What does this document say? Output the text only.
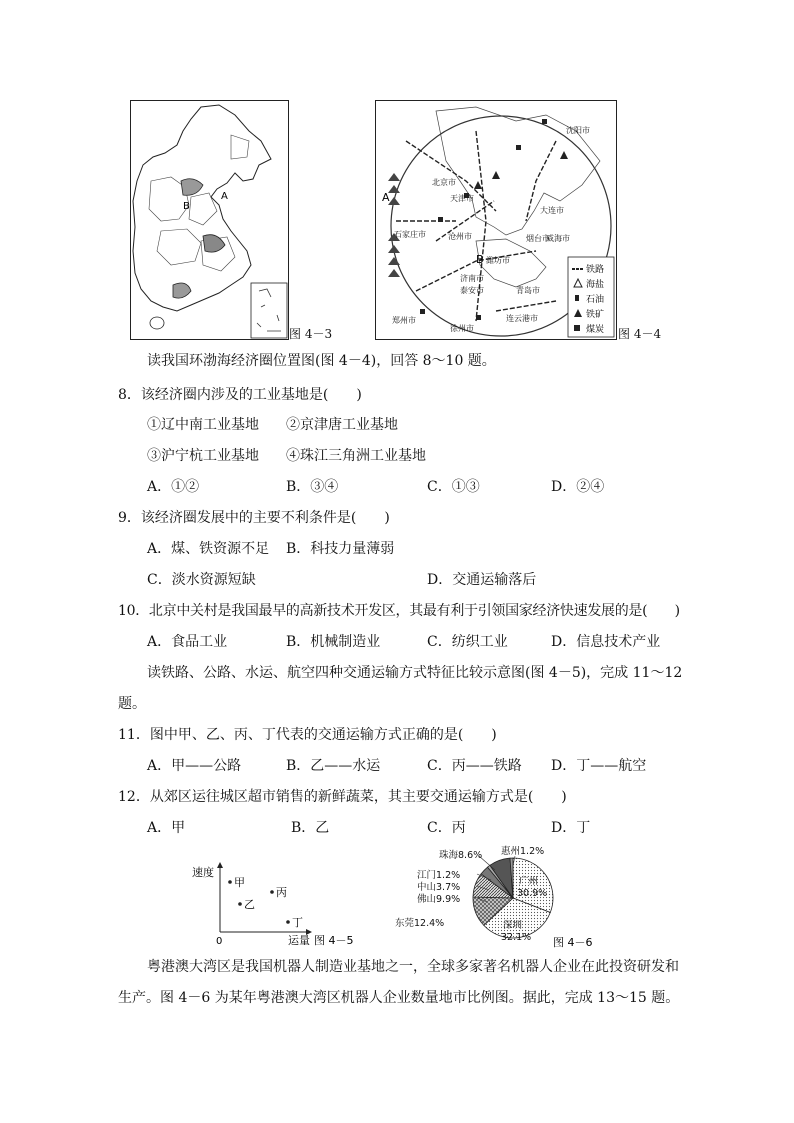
A
B
图 4－3
A
B
沈阳市
北京市
天津市
大连市
石家庄市	沧州市	烟台市
威海市
潍坊市
济南市
泰安市	青岛市
郑州市
徐州市
连云港市
铁路
海盐
石油
铁矿
煤炭 图 4－4
读我国环渤海经济圈位置图(图 4－4)，回答 8～10 题。
8．该经济圈内涉及的工业基地是(　　)
①辽中南工业基地 ②京津唐工业基地
③沪宁杭工业基地 ④珠江三角洲工业基地
A．①②	B．③④	C．①③	D．②④
9．该经济圈发展中的主要不利条件是(　　)
A．煤、铁资源不足 B．科技力量薄弱
C．淡水资源短缺	D．交通运输落后
10．北京中关村是我国最早的高新技术开发区，其最有利于引领国家经济快速发展的是(　　)
A．食品工业	B．机械制造业	C．纺织工业	D．信息技术产业
读铁路、公路、水运、航空四种交通运输方式特征比较示意图(图 4－5)，完成 11～12
题。
11．图中甲、乙、丙、丁代表的交通运输方式正确的是(　　)
A．甲——公路	B．乙——水运	C．丙——铁路 D．丁——航空
12．从郊区运往城区超市销售的新鲜蔬菜，其主要交通运输方式是(　　)
A．甲	B．乙	C．丙	D．丁
速度
0	运量
甲
乙
丙
丁
图 4－5
广州
30.9%
深圳
32.1%
东莞12.4%
佛山9.9%
中山3.7%
江门1.2%
珠海8.6% 惠州1.2%
图 4－6
粤港澳大湾区是我国机器人制造业基地之一，全球多家著名机器人企业在此投资研发和
生产。图 4－6 为某年粤港澳大湾区机器人企业数量地市比例图。据此，完成 13～15 题。
